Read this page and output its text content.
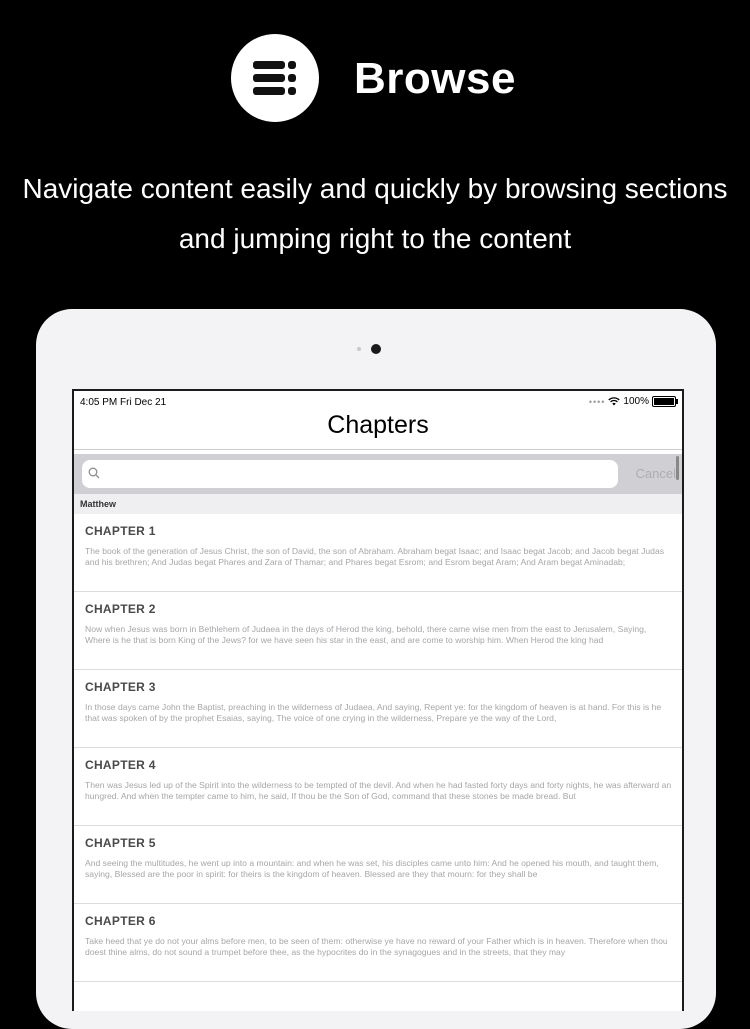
Browse
Navigate content easily and quickly by browsing sections and jumping right to the content
4:05 PM Fri Dec 21	•••• 100%
Chapters
Cancel
Matthew
CHAPTER 1
The book of the generation of Jesus Christ, the son of David, the son of Abraham. Abraham begat Isaac; and Isaac begat Jacob; and Jacob begat Judas and his brethren; And Judas begat Phares and Zara of Thamar; and Phares begat Esrom; and Esrom begat Aram; And Aram begat Aminadab;
CHAPTER 2
Now when Jesus was born in Bethlehem of Judaea in the days of Herod the king, behold, there came wise men from the east to Jerusalem, Saying, Where is he that is born King of the Jews? for we have seen his star in the east, and are come to worship him. When Herod the king had
CHAPTER 3
In those days came John the Baptist, preaching in the wilderness of Judaea, And saying, Repent ye: for the kingdom of heaven is at hand. For this is he that was spoken of by the prophet Esaias, saying, The voice of one crying in the wilderness, Prepare ye the way of the Lord,
CHAPTER 4
Then was Jesus led up of the Spirit into the wilderness to be tempted of the devil. And when he had fasted forty days and forty nights, he was afterward an hungred. And when the tempter came to him, he said, If thou be the Son of God, command that these stones be made bread. But
CHAPTER 5
And seeing the multitudes, he went up into a mountain: and when he was set, his disciples came unto him: And he opened his mouth, and taught them, saying, Blessed are the poor in spirit: for theirs is the kingdom of heaven. Blessed are they that mourn: for they shall be
CHAPTER 6
Take heed that ye do not your alms before men, to be seen of them: otherwise ye have no reward of your Father which is in heaven. Therefore when thou doest thine alms, do not sound a trumpet before thee, as the hypocrites do in the synagogues and in the streets, that they may
